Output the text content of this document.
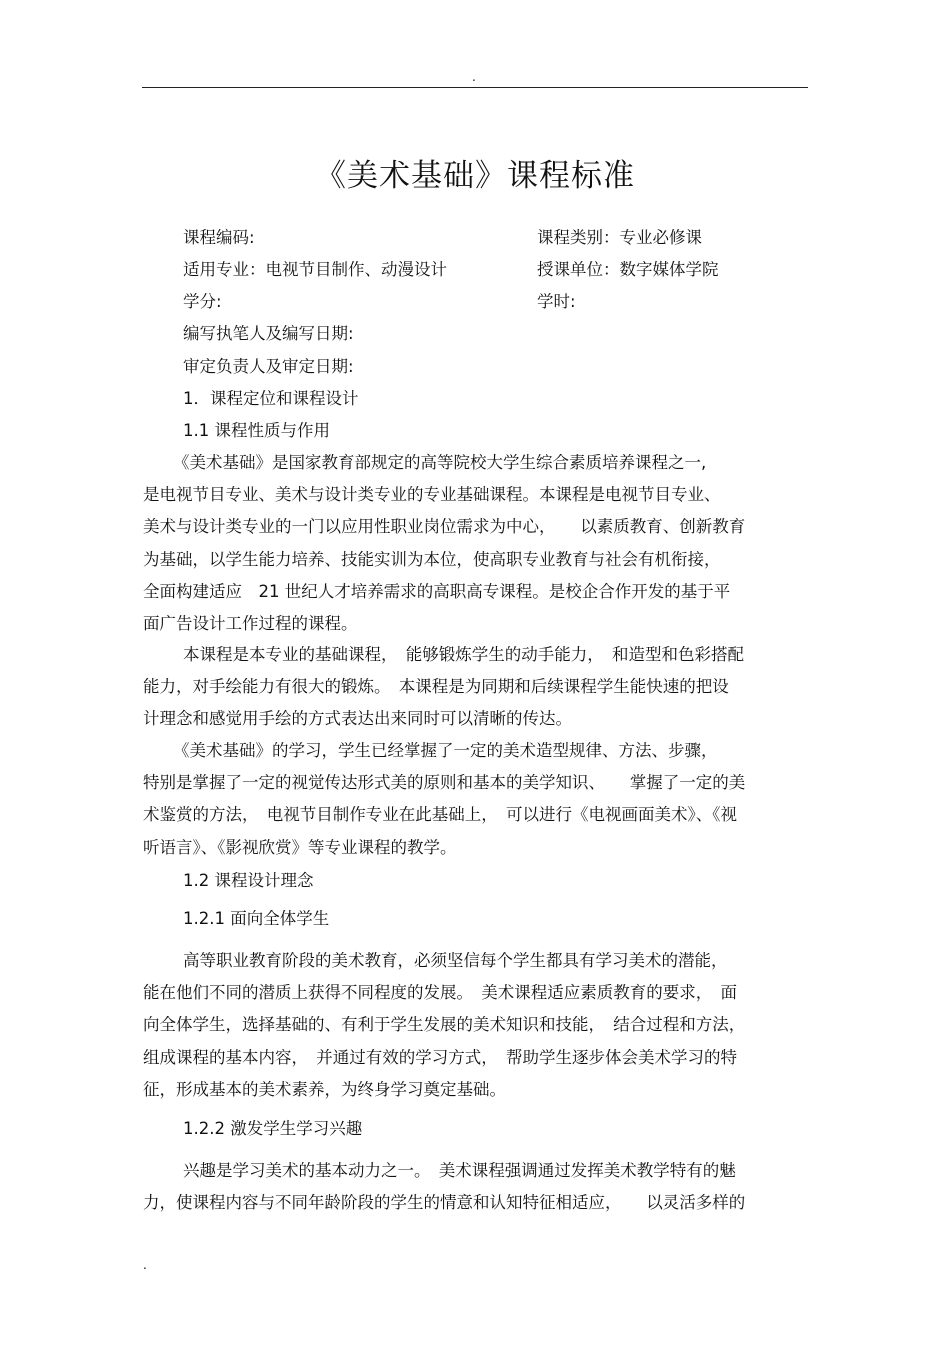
.
《美术基础》课程标准
课程编码:	课程类别：专业必修课
适用专业：电视节目制作、动漫设计	授课单位：数字媒体学院
学分:	学时:
编写执笔人及编写日期:
审定负责人及审定日期:
1．课程定位和课程设计
1.1 课程性质与作用

《美术基础》是国家教育部规定的高等院校大学生综合素质培养课程之一,

是电视节目专业、美术与设计类专业的专业基础课程。本课程是电视节目专业、

美术与设计类专业的一门以应用性职业岗位需求为中心，　　以素质教育、创新教育

为基础，以学生能力培养、技能实训为本位，使高职专业教育与社会有机衔接，

全面构建适应　21 世纪人才培养需求的高职高专课程。是校企合作开发的基于平

面广告设计工作过程的课程。

本课程是本专业的基础课程，　能够锻炼学生的动手能力，　和造型和色彩搭配

能力，对手绘能力有很大的锻炼。　本课程是为同期和后续课程学生能快速的把设

计理念和感觉用手绘的方式表达出来同时可以清晰的传达。

《美术基础》的学习，学生已经掌握了一定的美术造型规律、方法、步骤，

特别是掌握了一定的视觉传达形式美的原则和基本的美学知识、　　掌握了一定的美

术鉴赏的方法，　电视节目制作专业在此基础上，　可以进行《电视画面美术》、《视

听语言》、《影视欣赏》等专业课程的教学。

1.2 课程设计理念
1.2.1 面向全体学生

高等职业教育阶段的美术教育，必须坚信每个学生都具有学习美术的潜能，

能在他们不同的潜质上获得不同程度的发展。　美术课程适应素质教育的要求，　面

向全体学生，选择基础的、有利于学生发展的美术知识和技能，　结合过程和方法，

组成课程的基本内容，　并通过有效的学习方式，　帮助学生逐步体会美术学习的特

征，形成基本的美术素养，为终身学习奠定基础。

1.2.2 激发学生学习兴趣

兴趣是学习美术的基本动力之一。　美术课程强调通过发挥美术教学特有的魅

力，使课程内容与不同年龄阶段的学生的情意和认知特征相适应，　　以灵活多样的

.
